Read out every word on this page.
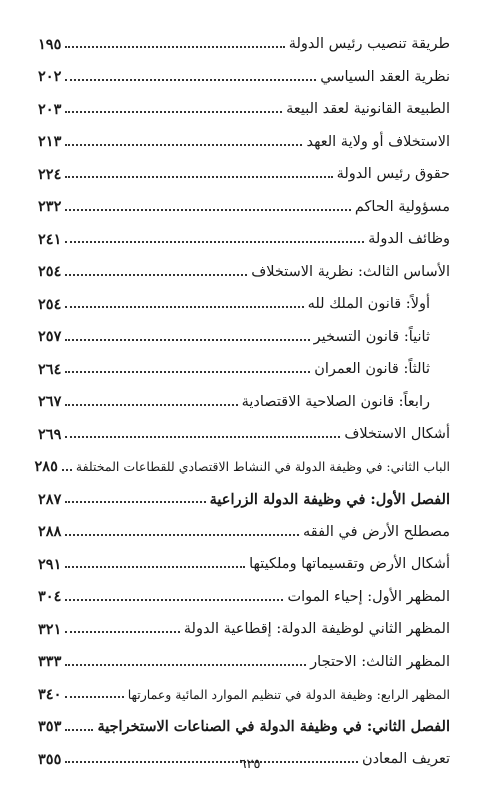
طريقة تنصيب رئيس الدولة
١٩٥
نظرية العقد السياسي
٢٠٢
الطبيعة القانونية لعقد البيعة
٢٠٣
الاستخلاف أو ولاية العهد
٢١٣
حقوق رئيس الدولة
٢٢٤
مسؤولية الحاكم
٢٣٢
وظائف الدولة
٢٤١
الأساس الثالث: نظرية الاستخلاف
٢٥٤
أولاً: قانون الملك لله
٢٥٤
ثانياً: قانون التسخير
٢٥٧
ثالثاً: قانون العمران
٢٦٤
رابعاً: قانون الصلاحية الاقتصادية
٢٦٧
أشكال الاستخلاف
٢٦٩
الباب الثاني: في وظيفة الدولة في النشاط الاقتصادي للقطاعات المختلفة
٢٨٥
الفصل الأول: في وظيفة الدولة الزراعية
٢٨٧
مصطلح الأرض في الفقه
٢٨٨
أشكال الأرض وتقسيماتها وملكيتها
٢٩١
المظهر الأول: إحياء الموات
٣٠٤
المظهر الثاني لوظيفة الدولة: إقطاعية الدولة
٣٢١
المظهر الثالث: الاحتجار
٣٣٣
المظهر الرابع: وظيفة الدولة في تنظيم الموارد المائية وعمارتها
٣٤٠
الفصل الثاني: في وظيفة الدولة في الصناعات الاستخراجية
٣٥٣
تعريف المعادن
٣٥٥	٦٢٥
